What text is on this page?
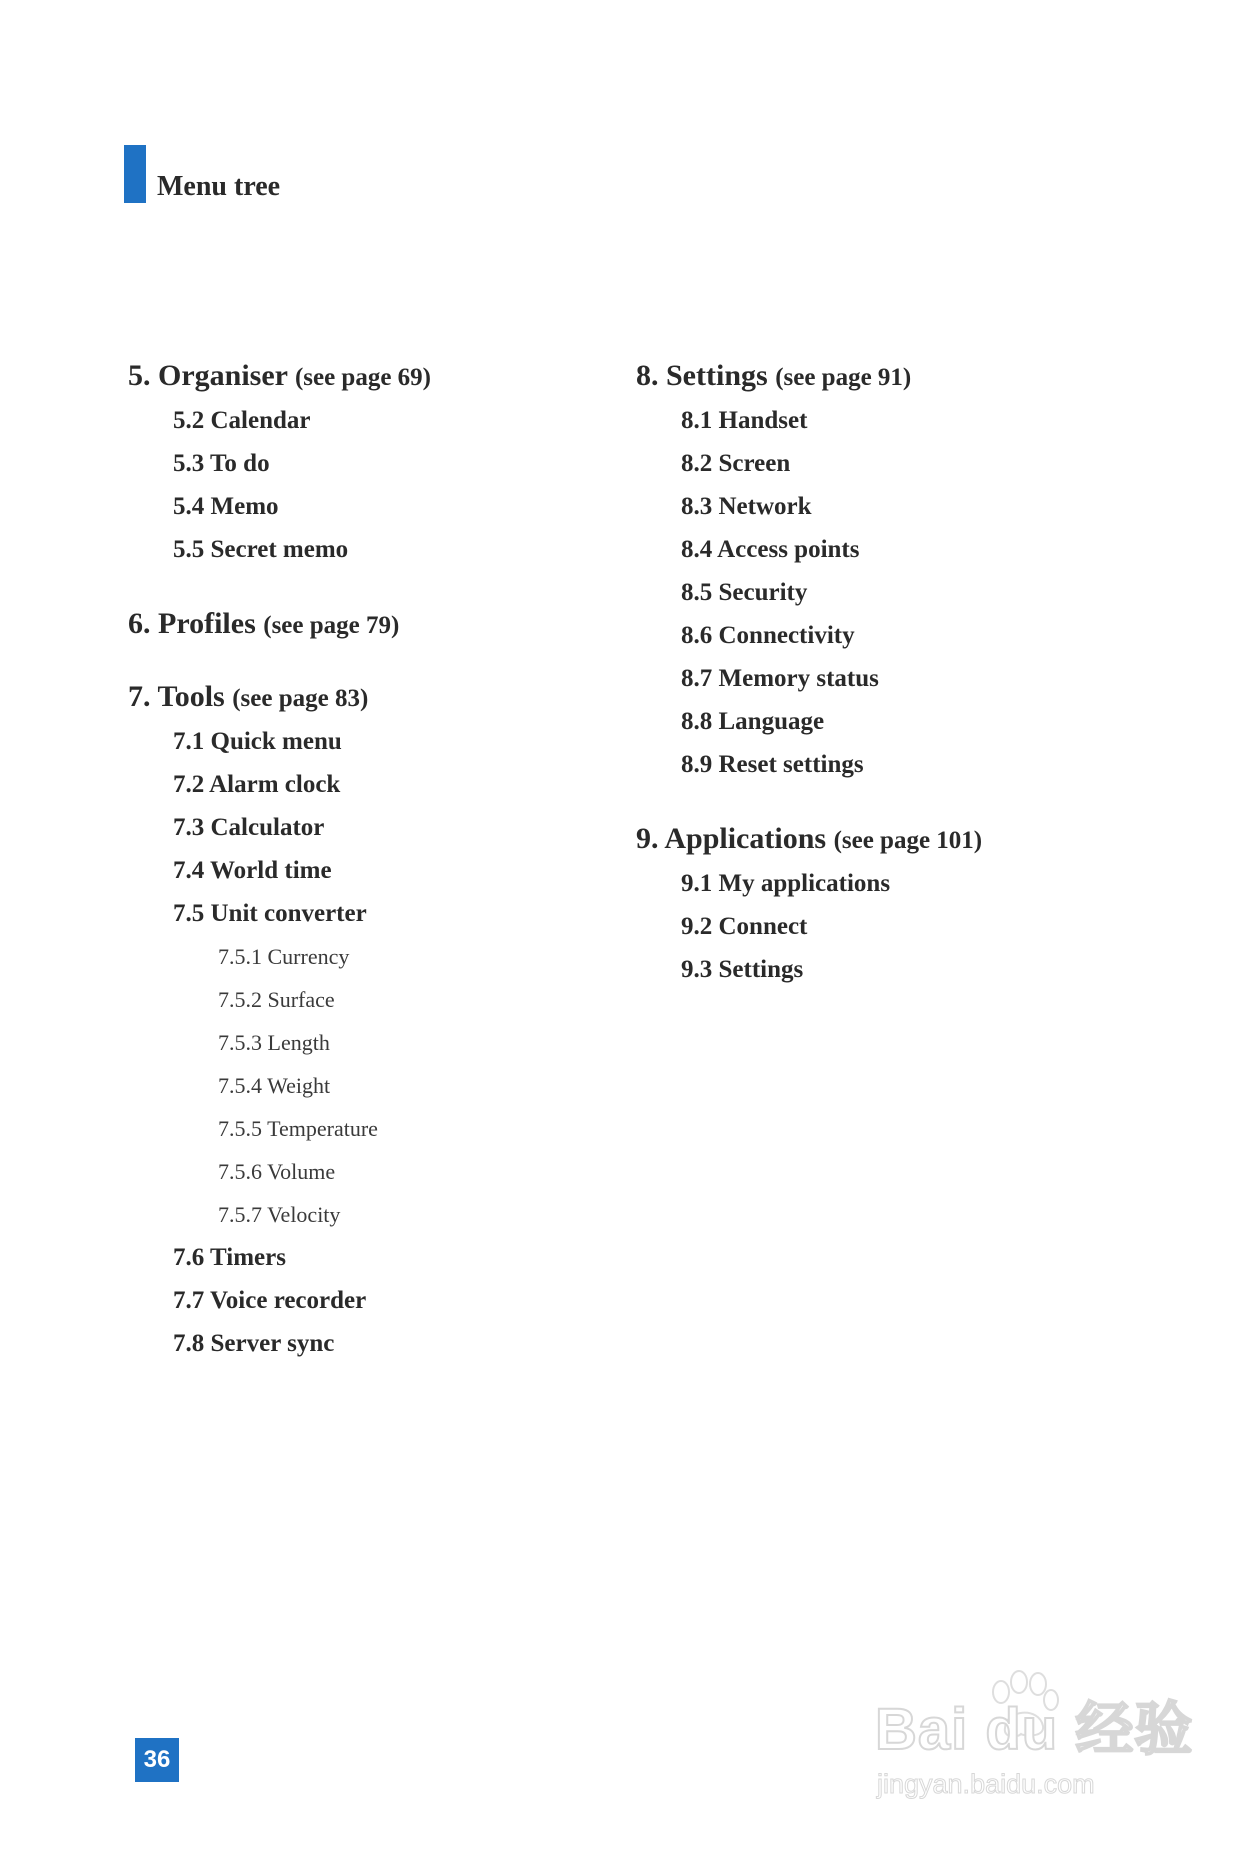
Menu tree
5. Organiser (see page 69)
5.2 Calendar
5.3 To do
5.4 Memo
5.5 Secret memo
6. Profiles (see page 79)
7. Tools (see page 83)
7.1 Quick menu
7.2 Alarm clock
7.3 Calculator
7.4 World time
7.5 Unit converter
7.5.1 Currency
7.5.2 Surface
7.5.3 Length
7.5.4 Weight
7.5.5 Temperature
7.5.6 Volume
7.5.7 Velocity
7.6 Timers
7.7 Voice recorder
7.8 Server sync
8. Settings (see page 91)
8.1 Handset
8.2 Screen
8.3 Network
8.4 Access points
8.5 Security
8.6 Connectivity
8.7 Memory status
8.8 Language
8.9 Reset settings
9. Applications (see page 101)
9.1 My applications
9.2 Connect
9.3 Settings
36	Bai du 经验
jingyan.baidu.com
